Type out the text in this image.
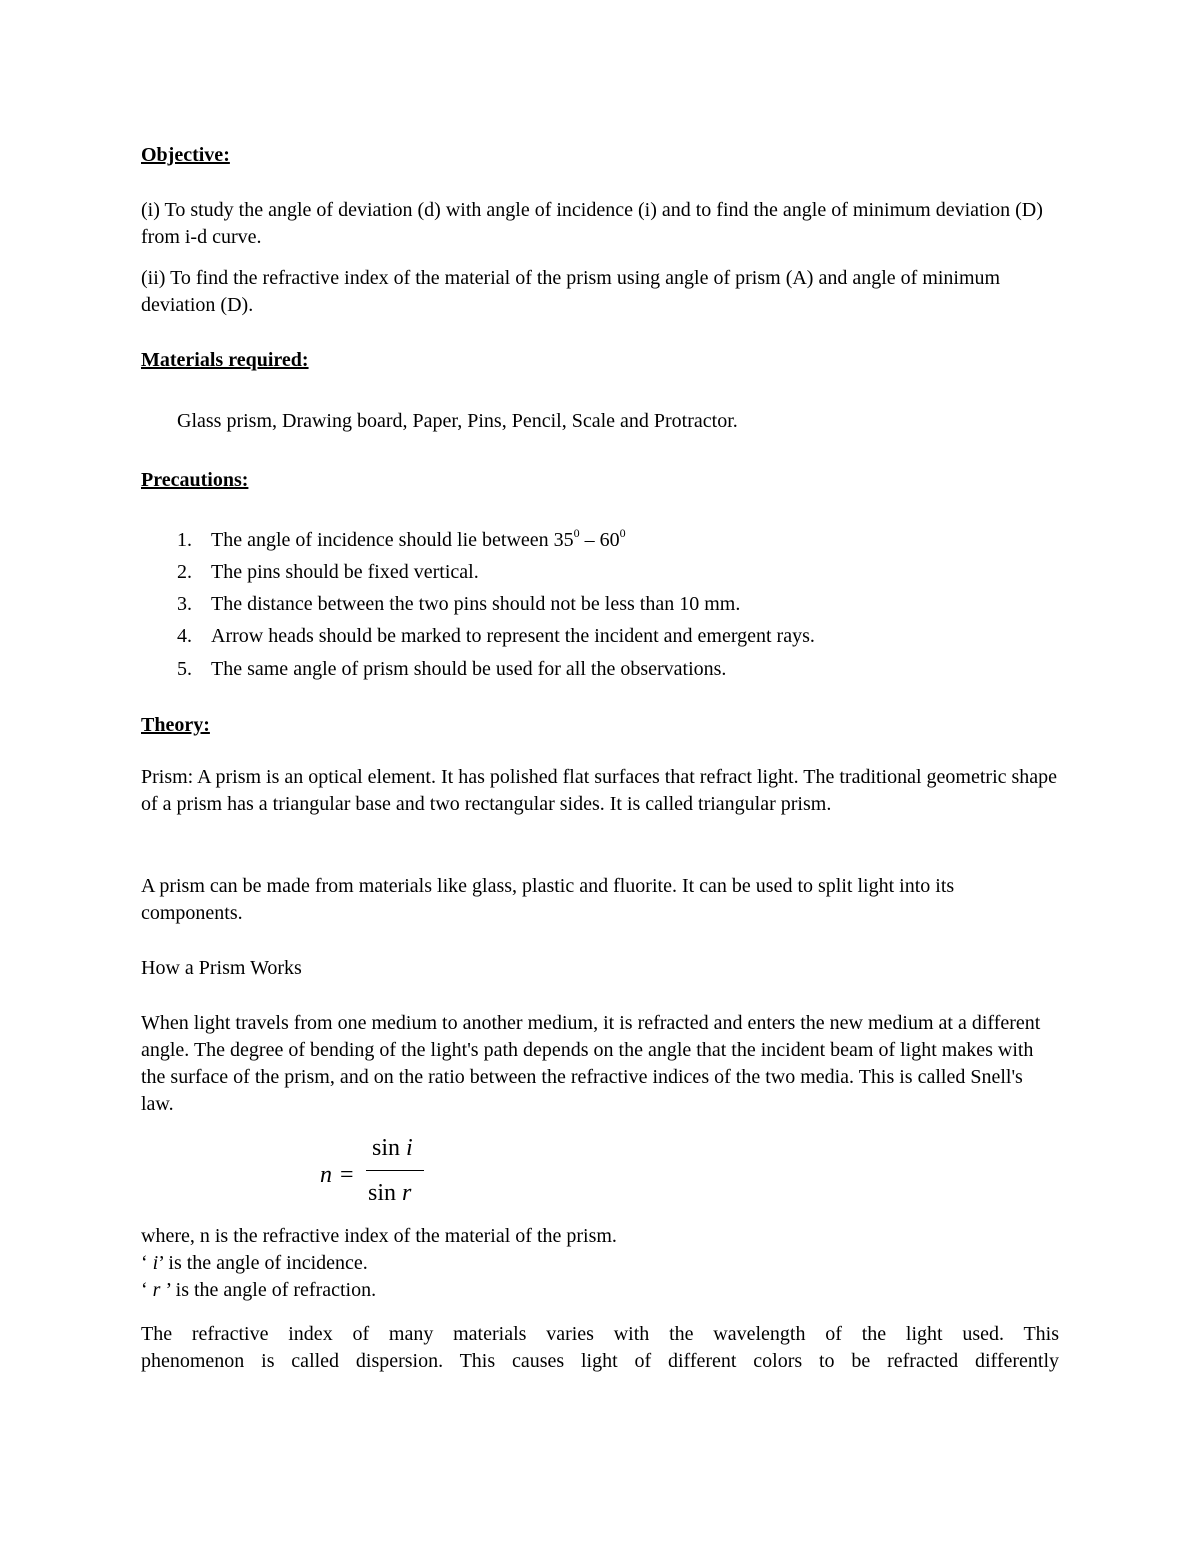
Objective:
(i) To study the angle of deviation (d) with angle of incidence (i) and to find the angle of minimum deviation (D) from i-d curve.
(ii) To find the refractive index of the material of the prism using angle of prism (A) and angle of minimum deviation (D).
Materials required:
Glass prism, Drawing board, Paper, Pins, Pencil, Scale and Protractor.
Precautions:
1. The angle of incidence should lie between $35^0 - 60^0$
2. The pins should be fixed vertical.
3. The distance between the two pins should not be less than 10 mm.
4. Arrow heads should be marked to represent the incident and emergent rays.
5. The same angle of prism should be used for all the observations.
Theory:
Prism: A prism is an optical element. It has polished flat surfaces that refract light. The traditional geometric shape of a prism has a triangular base and two rectangular sides. It is called triangular prism.
A prism can be made from materials like glass, plastic and fluorite. It can be used to split light into its components.
How a Prism Works
When light travels from one medium to another medium, it is refracted and enters the new medium at a different angle. The degree of bending of the light's path depends on the angle that the incident beam of light makes with the surface of the prism, and on the ratio between the refractive indices of the two media. This is called Snell's law.
n =
sin i
sin r
where, n is the refractive index of the material of the prism.
‘ i’ is the angle of incidence.
‘ r ’ is the angle of refraction.
The refractive index of many materials varies with the wavelength of the light used. This
phenomenon is called dispersion. This causes light of different colors to be refracted differently
